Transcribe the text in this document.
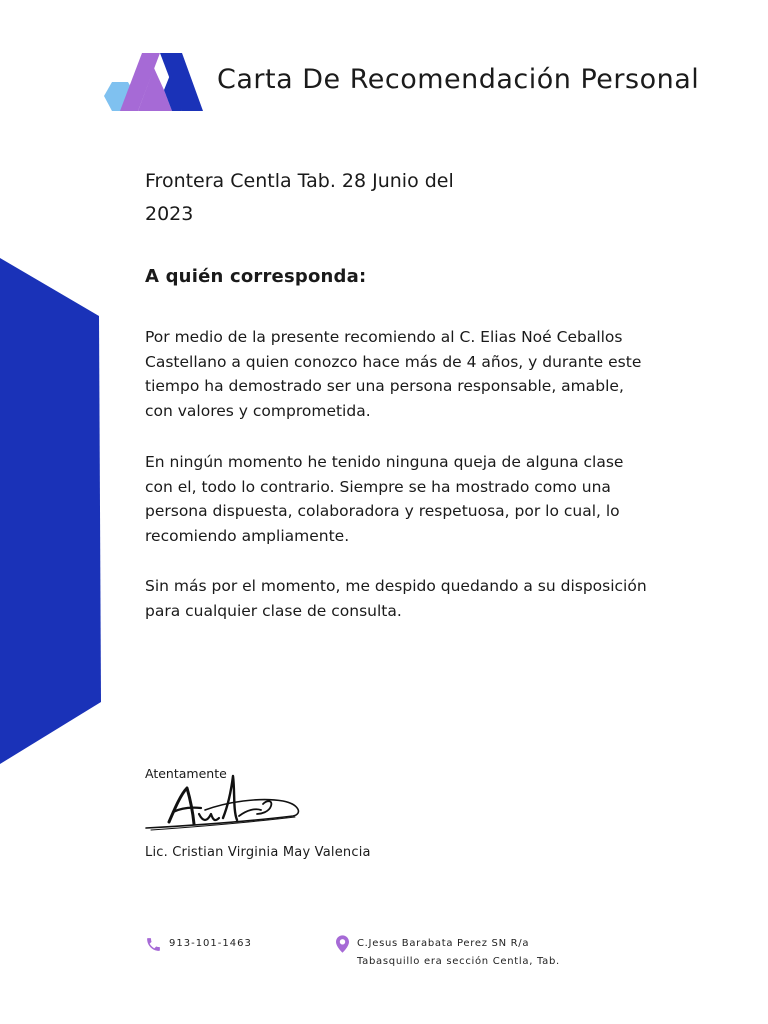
Carta De Recomendación Personal
Frontera Centla Tab. 28 Junio del 2023
A quién corresponda:

Por medio de la presente recomiendo al C. Elias Noé Ceballos Castellano a quien conozco hace más de 4 años, y durante este tiempo ha demostrado ser una persona responsable, amable, con valores y comprometida.

En ningún momento he tenido ninguna queja de alguna clase con el, todo lo contrario. Siempre se ha mostrado como una persona dispuesta, colaboradora y respetuosa, por lo cual, lo recomiendo ampliamente.

Sin más por el momento, me despido quedando a su disposición para cualquier clase de consulta.

Atentamente
Lic. Cristian Virginia May Valencia
913-101-1463	C.Jesus Barabata Perez SN R/a
Tabasquillo era sección Centla, Tab.
